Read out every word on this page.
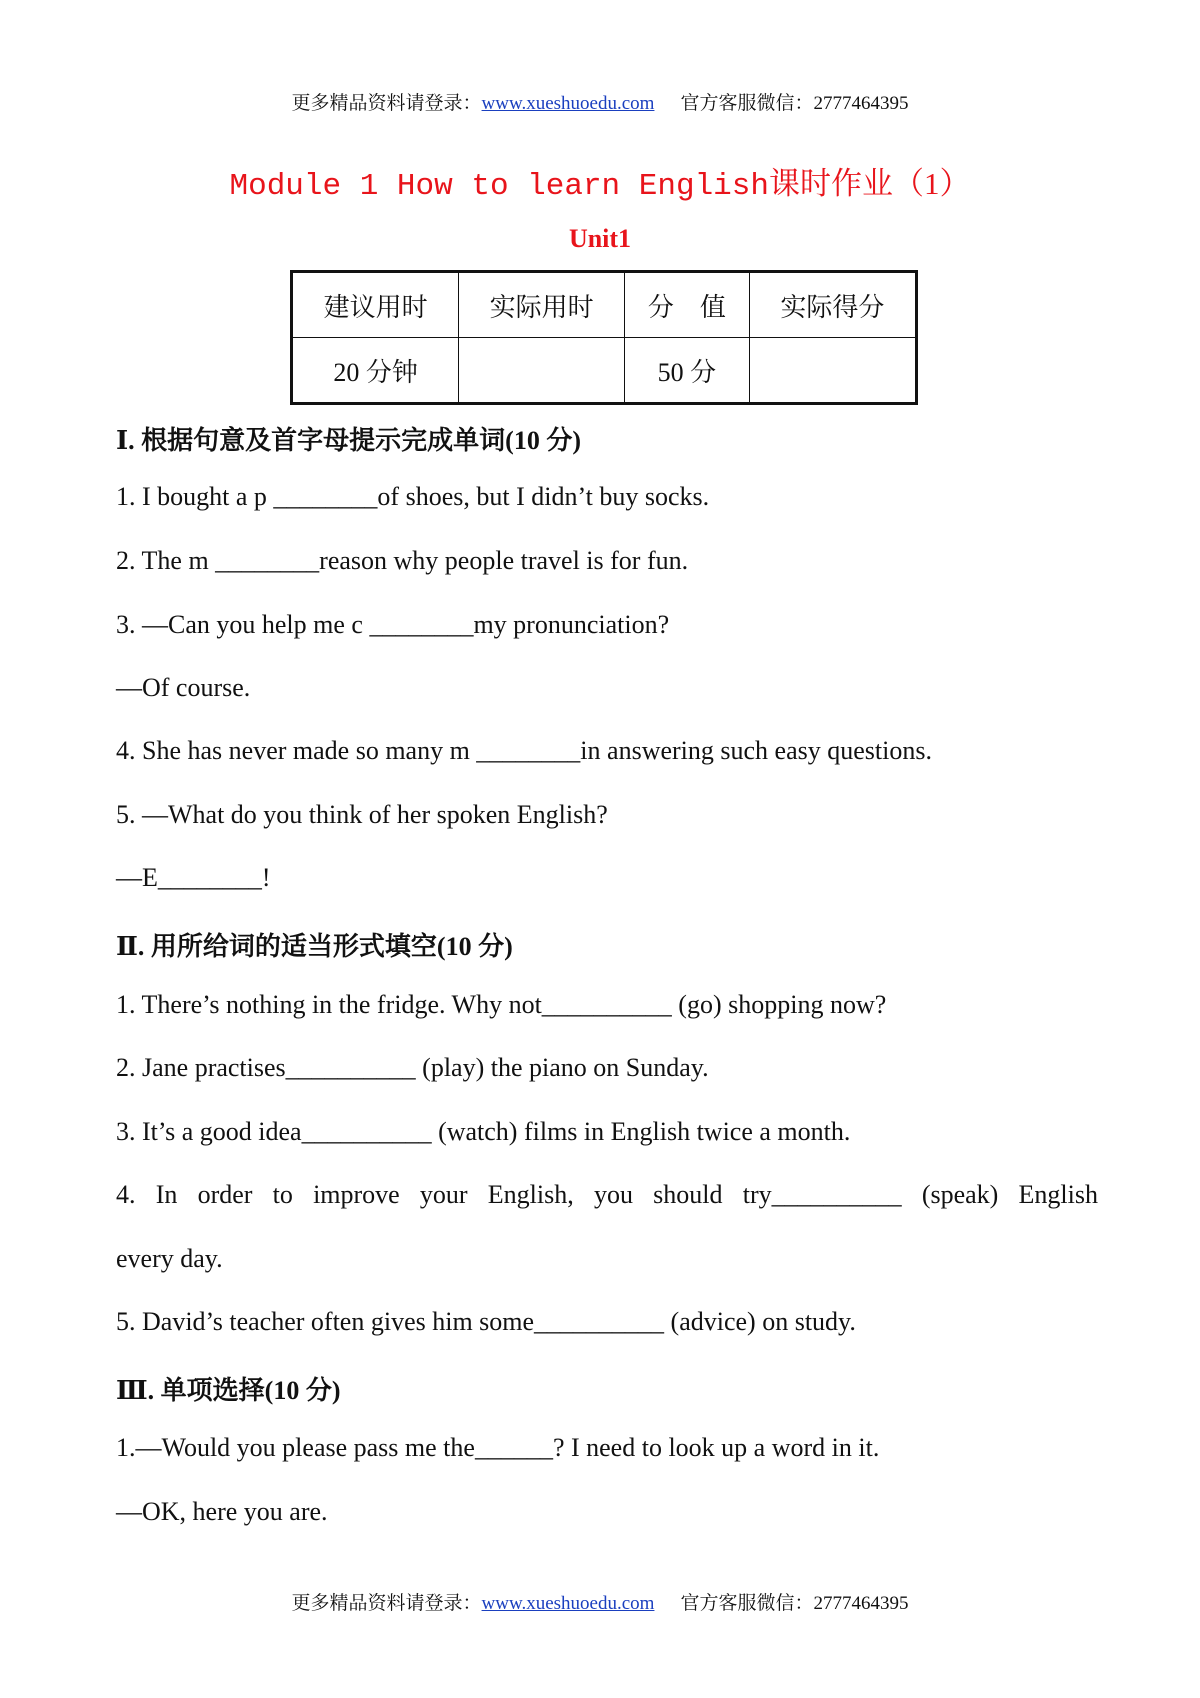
更多精品资料请登录：www.xueshuoedu.com 官方客服微信：2777464395
Module 1 How to learn English课时作业（1）
Unit1
建议用时	实际用时	分　值	实际得分
20 分钟		50 分	
Ⅰ. 根据句意及首字母提示完成单词(10 分)
1. I bought a p ________of shoes, but I didn’t buy socks.
2. The m ________reason why people travel is for fun.
3. —Can you help me c ________my pronunciation?
—Of course.
4. She has never made so many m ________in answering such easy questions.
5. —What do you think of her spoken English?
—E________!
Ⅱ. 用所给词的适当形式填空(10 分)
1. There’s nothing in the fridge. Why not__________ (go) shopping now?
2. Jane practises__________ (play) the piano on Sunday.
3. It’s a good idea__________ (watch) films in English twice a month.
4. In order to improve your English, you should try__________ (speak) English
every day.
5. David’s teacher often gives him some__________ (advice) on study.
Ⅲ. 单项选择(10 分)
1.—Would you please pass me the______? I need to look up a word in it.
—OK, here you are.
更多精品资料请登录：www.xueshuoedu.com 官方客服微信：2777464395
